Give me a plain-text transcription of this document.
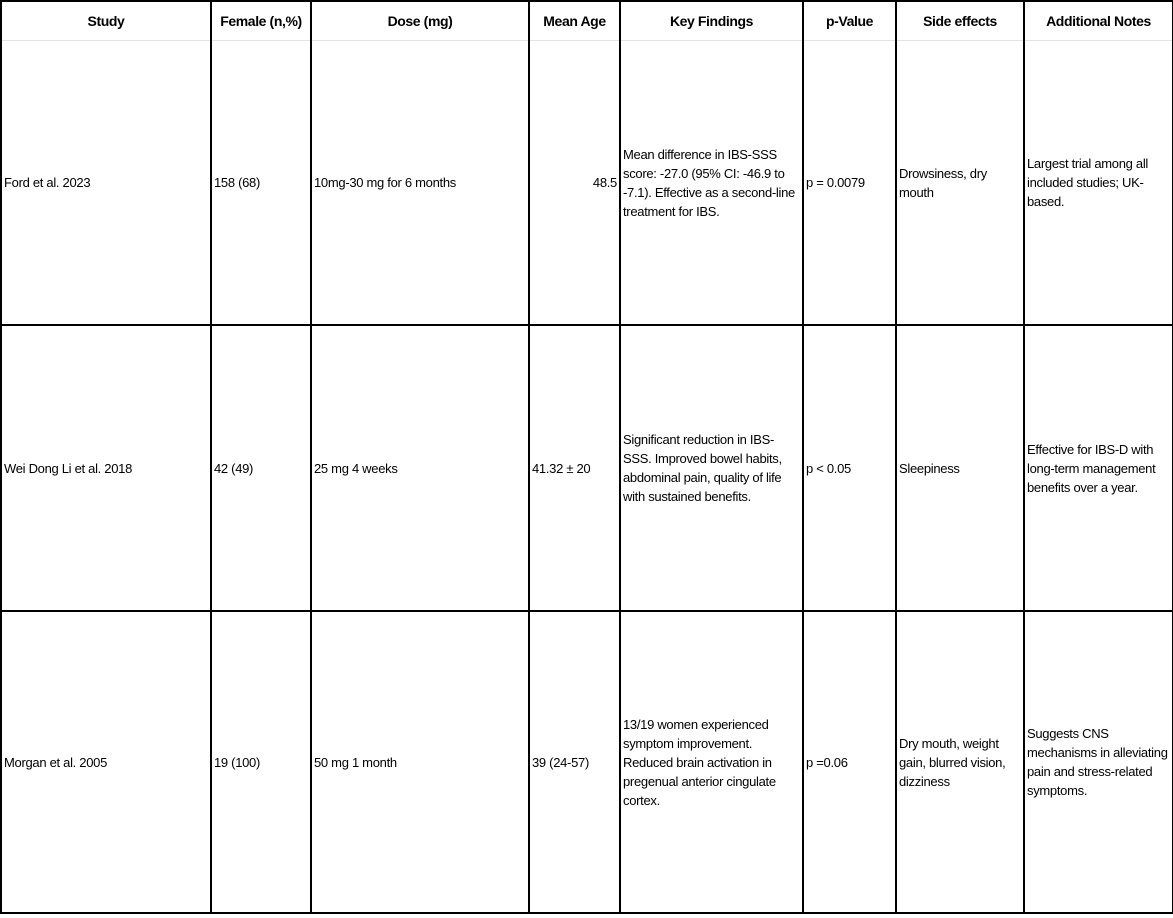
Study	Female (n,%)	Dose (mg)	Mean Age	Key Findings	p-Value	Side effects	Additional Notes
Ford et al. 2023	158 (68)	10mg-30 mg for 6 months	48.5	Mean difference in IBS-SSS score: -27.0 (95% CI: -46.9 to -7.1). Effective as a second-line treatment for IBS.	p = 0.0079	Drowsiness, dry mouth	Largest trial among all included studies; UK-based.
Wei Dong Li et al. 2018	42 (49)	25 mg 4 weeks	41.32 ± 20	Significant reduction in IBS-SSS. Improved bowel habits, abdominal pain, quality of life with sustained benefits.	p < 0.05	Sleepiness	Effective for IBS-D with long-term management benefits over a year.
Morgan et al. 2005	19 (100)	50 mg 1 month	39 (24-57)	13/19 women experienced symptom improvement. Reduced brain activation in pregenual anterior cingulate cortex.	p =0.06	Dry mouth, weight gain, blurred vision, dizziness	Suggests CNS mechanisms in alleviating pain and stress-related symptoms.
